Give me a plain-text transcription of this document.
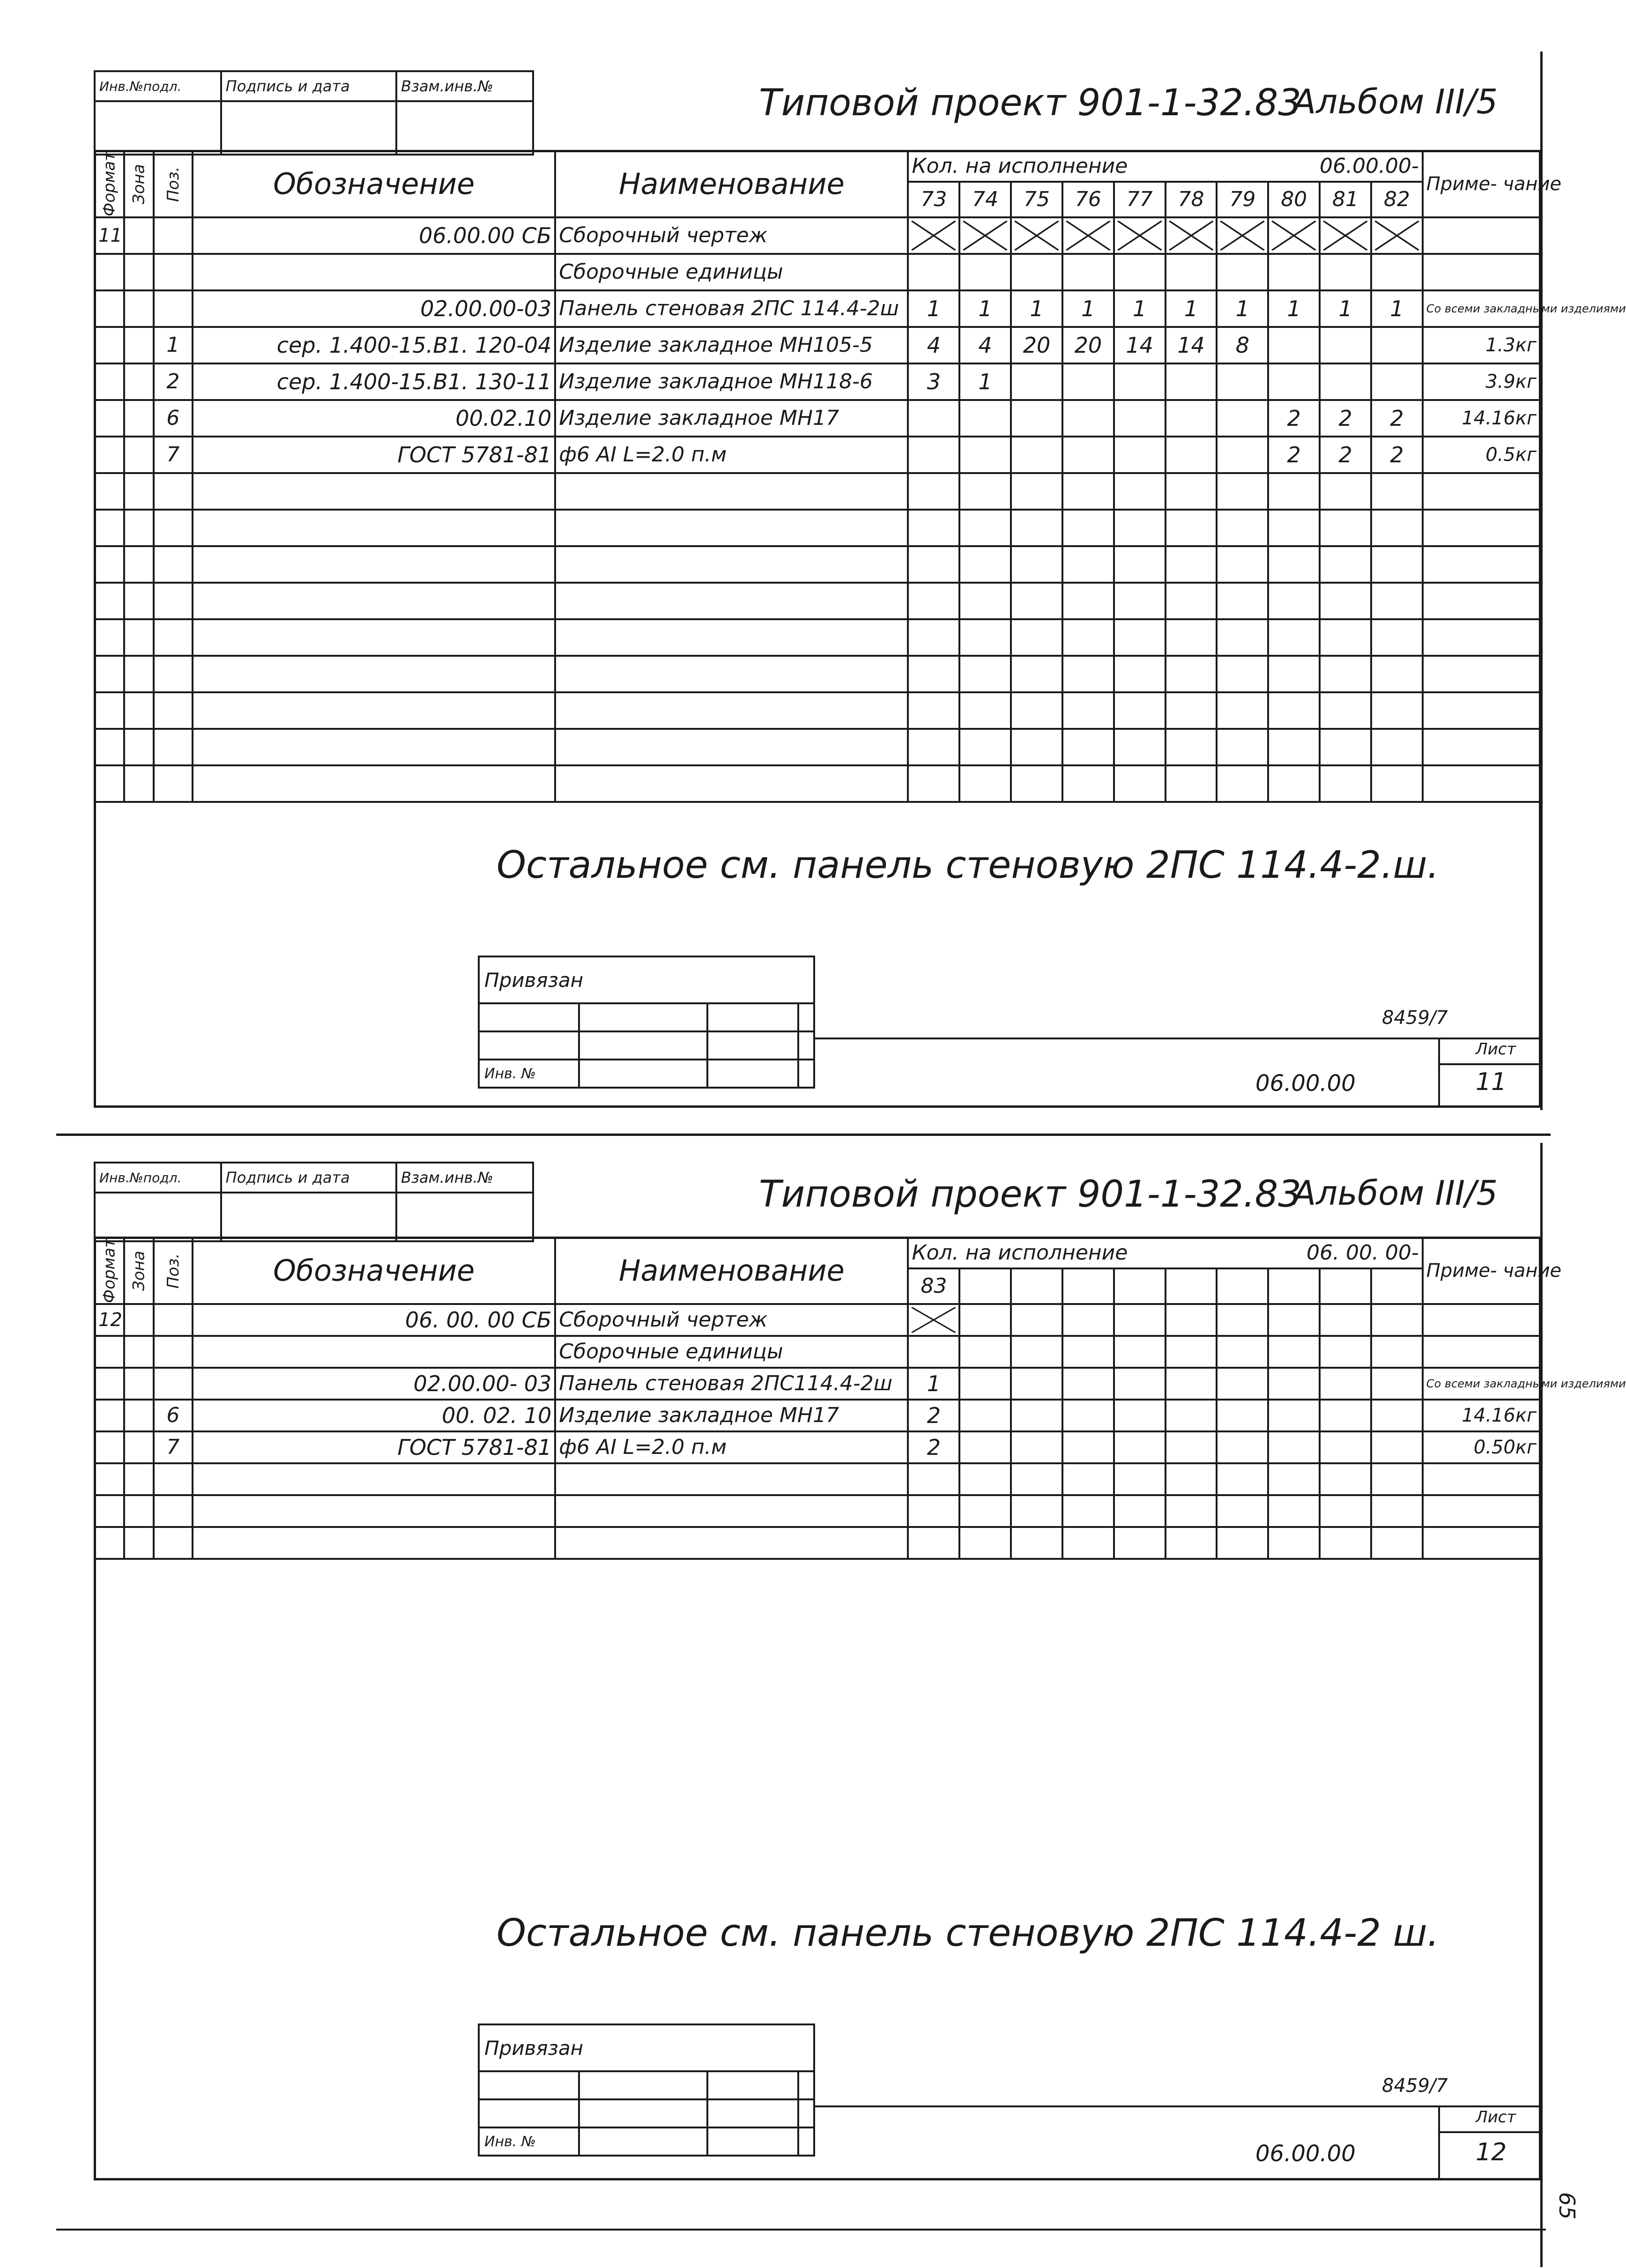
Инв.№подл.	Подпись и дата	Взам.инв.№
			Типовой проект 901-1-32.83
Альбом III/5
Формат	Зона	Поз.	Обозначение	Наименование	Кол. на исполнение							06.00.00-			Приме- чание
					73	74	75	76	77	78	79	80	81	82	
11			06.00.00 СБ	Сборочный чертеж	

				Сборочные единицы											
			02.00.00-03	Панель стеновая 2ПС 114.4-2ш	1	1	1	1	1	1	1	1	1	1	Со всеми закладными изделиями
		1	сер. 1.400-15.В1. 120-04	Изделие закладное МН105-5	4	4	20	20	14	14	8				1.3кг
		2	сер. 1.400-15.В1. 130-11	Изделие закладное МН118-6	3	1									3.9кг
		6	00.02.10	Изделие закладное МН17								2	2	2	14.16кг
		7	ГОСТ 5781-81	ф6 АI L=2.0 п.м								2	2	2	0.5кг

Остальное см. панель стеновую 2ПС 114.4-2.ш.
Привязан			

Инв. №			
8459/7
Лист
06.00.00	11
Инв.№подл.	Подпись и дата	Взам.инв.№
			Типовой проект 901-1-32.83
Альбом III/5
Формат	Зона	Поз.	Обозначение	Наименование	Кол. на исполнение							06. 00. 00-			Приме- чание
					83										
12			06. 00. 00 СБ	Сборочный чертеж	

				Сборочные единицы											
			02.00.00- 03	Панель стеновая 2ПС114.4-2ш	1										Со всеми закладными изделиями
		6	00. 02. 10	Изделие закладное МН17	2										14.16кг
		7	ГОСТ 5781-81	ф6 АI L=2.0 п.м	2										0.50кг

Остальное см. панель стеновую 2ПС 114.4-2 ш.
Привязан			

Инв. №			
8459/7
Лист
06.00.00	12
65
